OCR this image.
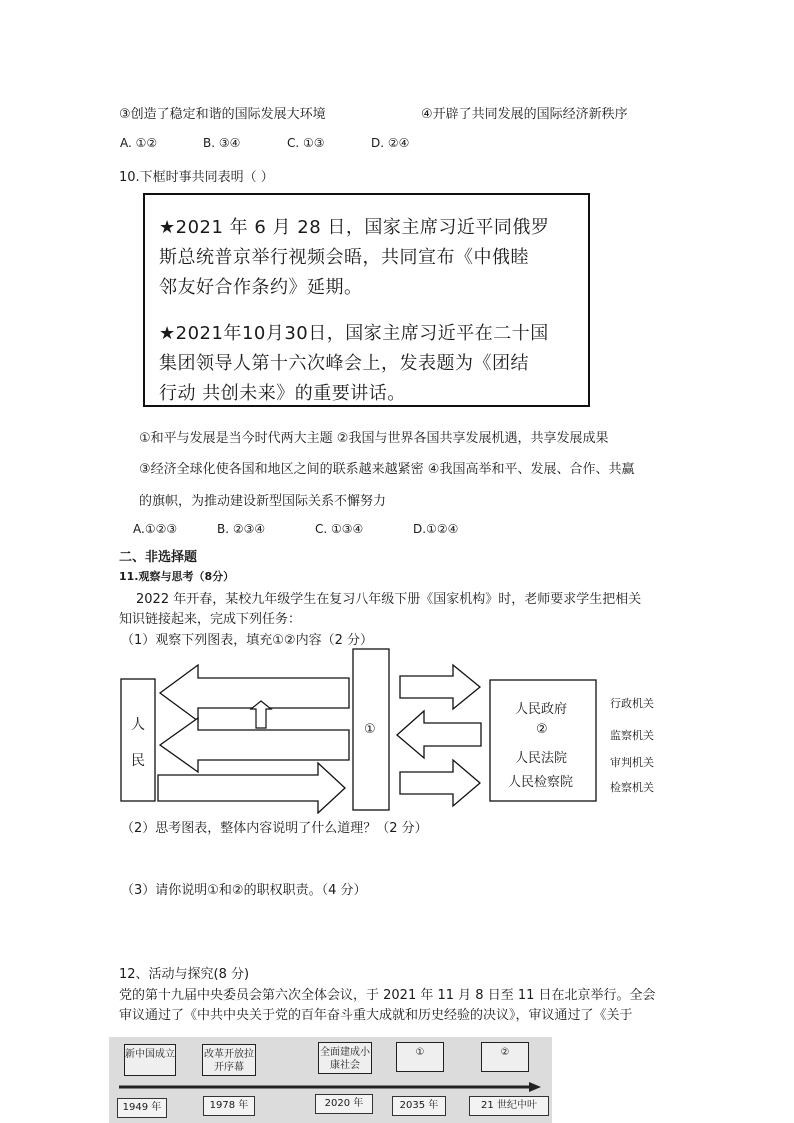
③创造了稳定和谐的国际发展大环境	④开辟了共同发展的国际经济新秩序
A. ①②	B. ③④	C. ①③	D. ②④
10.下框时事共同表明（ ）
★2021 年 6 月 28 日，国家主席习近平同俄罗
斯总统普京举行视频会晤，共同宣布《中俄睦
邻友好合作条约》延期。
★2021年10月30日，国家主席习近平在二十国
集团领导人第十六次峰会上，发表题为《团结
行动 共创未来》的重要讲话。
①和平与发展是当今时代两大主题 ②我国与世界各国共享发展机遇，共享发展成果
③经济全球化使各国和地区之间的联系越来越紧密 ④我国高举和平、发展、合作、共赢
的旗帜，为推动建设新型国际关系不懈努力
A.①②③	B. ②③④	C. ①③④	D.①②④
二、非选择题
11.观察与思考（8分）
2022 年开春，某校九年级学生在复习八年级下册《国家机构》时，老师要求学生把相关
知识链接起来，完成下列任务：
（1）观察下列图表，填充①②内容（2 分）
人
民
①
人民政府
②
人民法院
人民检察院
行政机关
监察机关
审判机关
检察机关
（2）思考图表，整体内容说明了什么道理？（2 分）
（3）请你说明①和②的职权职责。（4 分）
12、活动与探究(8 分)
党的第十九届中央委员会第六次全体会议，于 2021 年 11 月 8 日至 11 日在北京举行。全会
审议通过了《中共中央关于党的百年奋斗重大成就和历史经验的决议》，审议通过了《关于
新中国成立	改革开放拉开序幕
全面建成小康社会
①	②
1949 年	1978 年	2020 年	2035 年	21 世纪中叶
